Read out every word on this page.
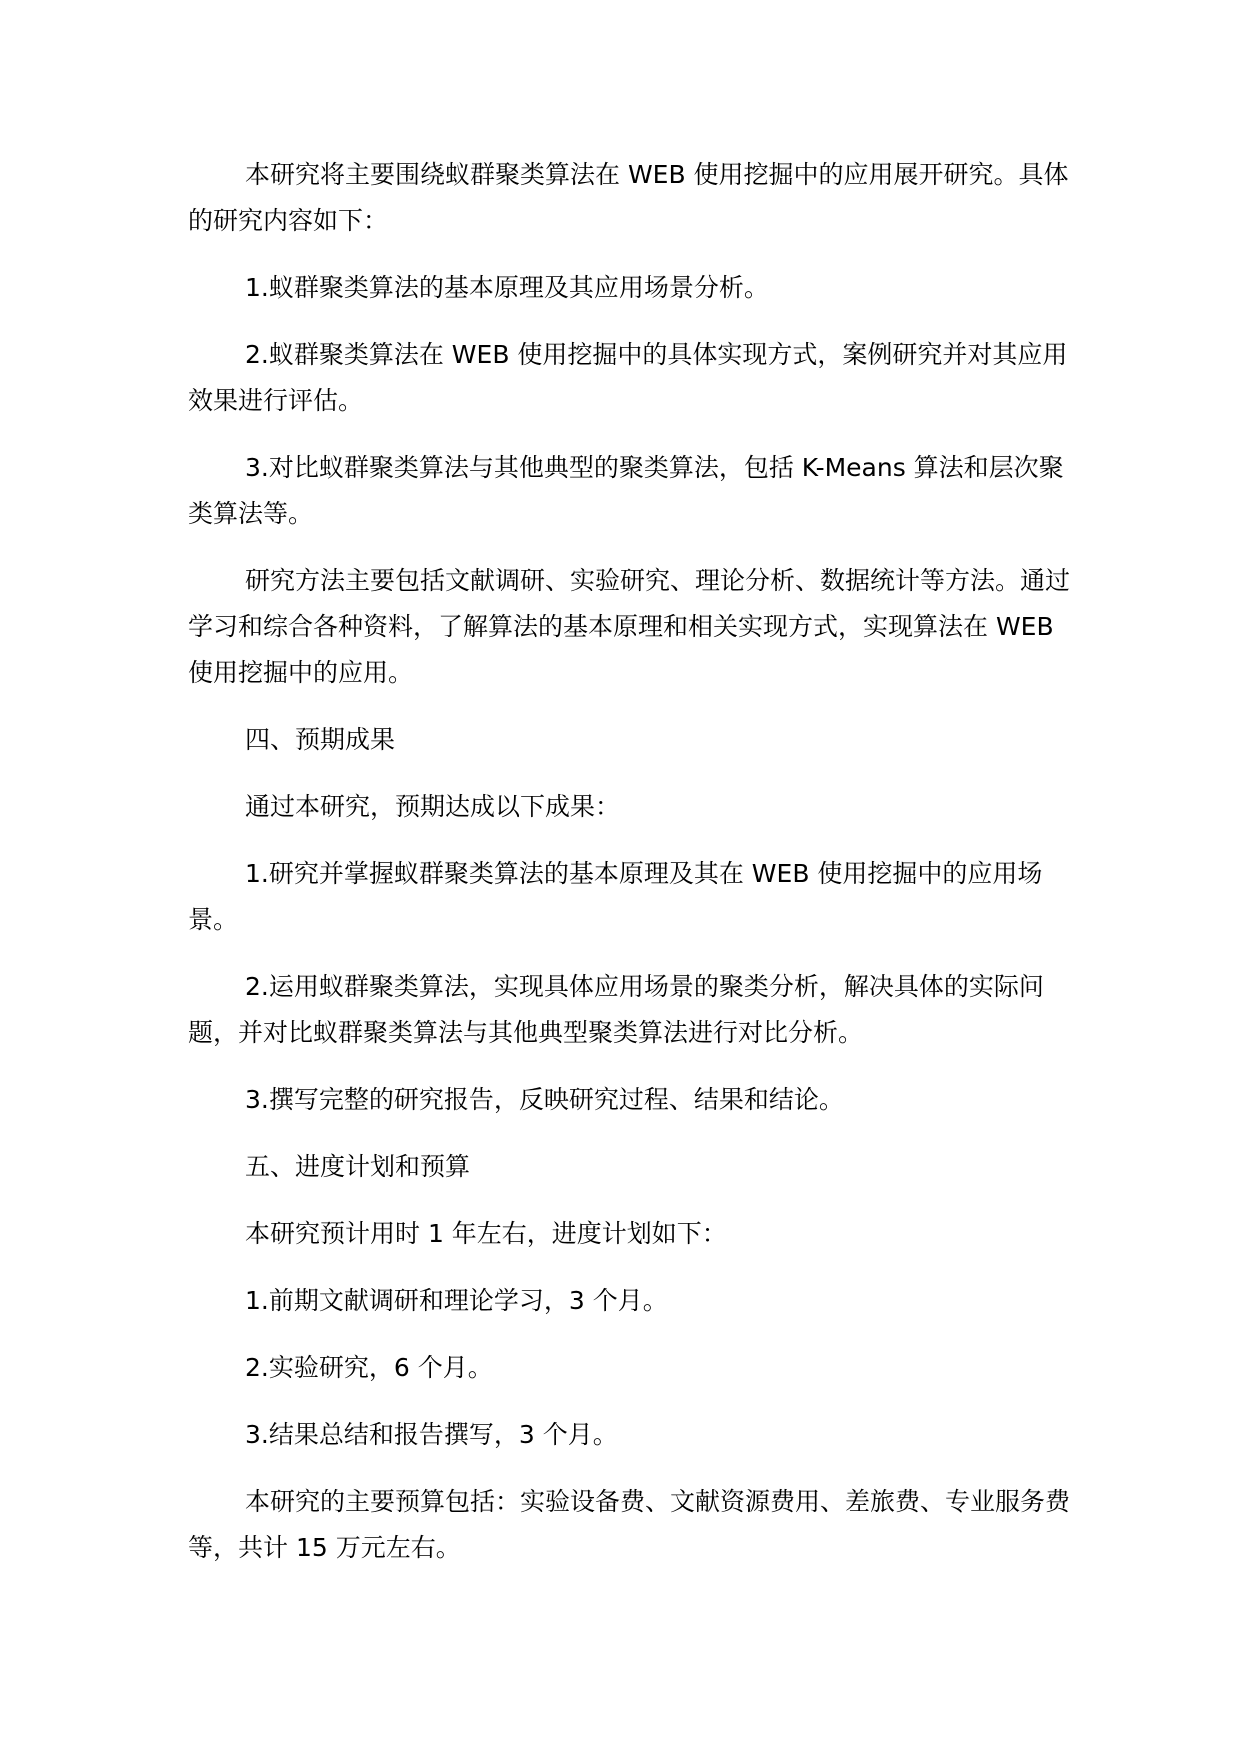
本研究将主要围绕蚁群聚类算法在 WEB 使用挖掘中的应用展开研究。具体的研究内容如下：

1.蚁群聚类算法的基本原理及其应用场景分析。

2.蚁群聚类算法在 WEB 使用挖掘中的具体实现方式，案例研究并对其应用效果进行评估。

3.对比蚁群聚类算法与其他典型的聚类算法，包括 K-Means 算法和层次聚类算法等。

研究方法主要包括文献调研、实验研究、理论分析、数据统计等方法。通过学习和综合各种资料，了解算法的基本原理和相关实现方式，实现算法在 WEB 使用挖掘中的应用。

四、预期成果

通过本研究，预期达成以下成果：

1.研究并掌握蚁群聚类算法的基本原理及其在 WEB 使用挖掘中的应用场景。

2.运用蚁群聚类算法，实现具体应用场景的聚类分析，解决具体的实际问题，并对比蚁群聚类算法与其他典型聚类算法进行对比分析。

3.撰写完整的研究报告，反映研究过程、结果和结论。

五、进度计划和预算

本研究预计用时 1 年左右，进度计划如下：

1.前期文献调研和理论学习，3 个月。

2.实验研究，6 个月。

3.结果总结和报告撰写，3 个月。

本研究的主要预算包括：实验设备费、文献资源费用、差旅费、专业服务费等，共计 15 万元左右。
